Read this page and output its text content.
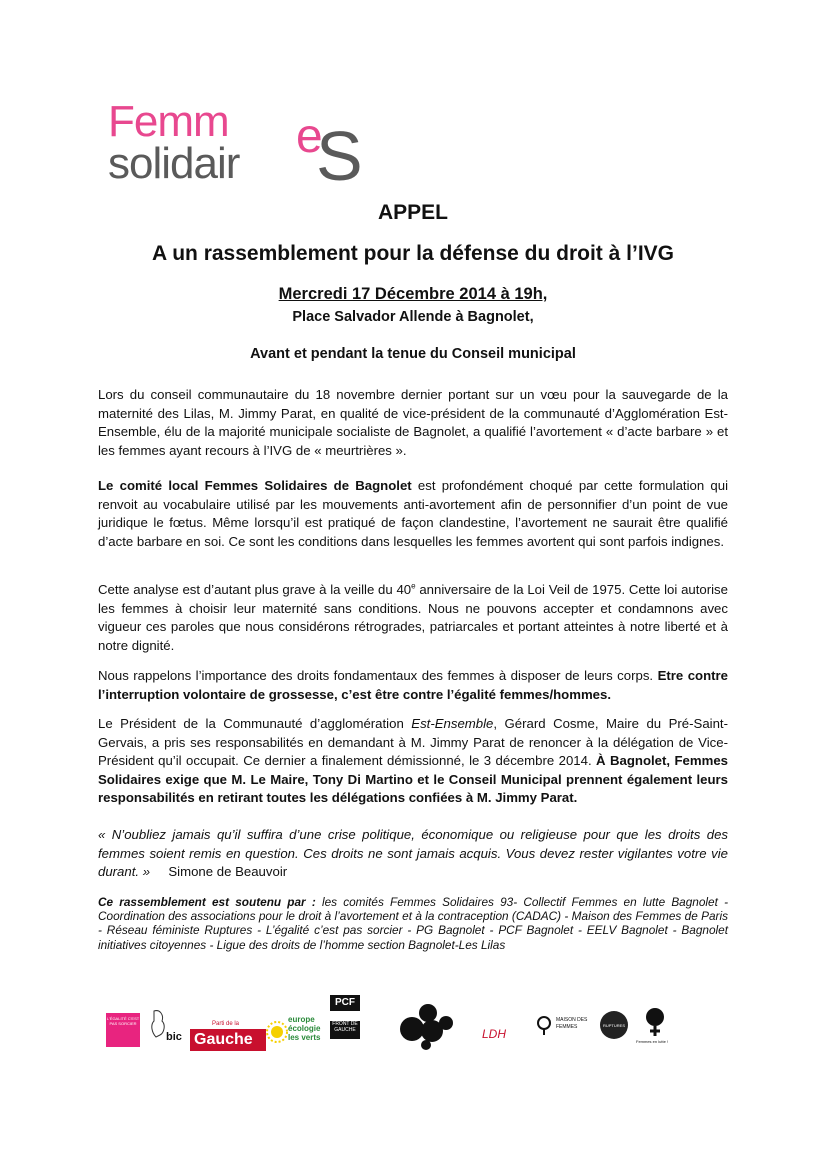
Femm
solidair
e
S
APPEL
A un rassemblement pour la défense du droit à l’IVG
Mercredi 17 Décembre 2014 à 19h,
Place Salvador Allende à Bagnolet,
Avant et pendant la tenue du Conseil municipal
Lors du conseil communautaire du 18 novembre dernier portant sur un vœu pour la sauvegarde de la maternité des Lilas, M. Jimmy Parat, en qualité de vice-président de la communauté d’Agglomération Est-Ensemble, élu de la majorité municipale socialiste de Bagnolet, a qualifié l’avortement « d’acte barbare » et les femmes ayant recours à l’IVG de « meurtrières ».
Le comité local Femmes Solidaires de Bagnolet est profondément choqué par cette formulation qui renvoit au vocabulaire utilisé par les mouvements anti-avortement afin de personnifier d’un point de vue juridique le fœtus. Même lorsqu’il est pratiqué de façon clandestine, l’avortement ne saurait être qualifié d’acte barbare en soi. Ce sont les conditions dans lesquelles les femmes avortent qui sont parfois indignes.
Cette analyse est d’autant plus grave à la veille du 40e anniversaire de la Loi Veil de 1975. Cette loi autorise les femmes à choisir leur maternité sans conditions. Nous ne pouvons accepter et condamnons avec vigueur ces paroles que nous considérons rétrogrades, patriarcales et portant atteintes à notre liberté et à notre dignité.
Nous rappelons l’importance des droits fondamentaux des femmes à disposer de leurs corps. Etre contre l’interruption volontaire de grossesse, c’est être contre l’égalité femmes/hommes.
Le Président de la Communauté d’agglomération Est-Ensemble, Gérard Cosme, Maire du Pré-Saint-Gervais, a pris ses responsabilités en demandant à M. Jimmy Parat de renoncer à la délégation de Vice-Président qu’il occupait. Ce dernier a finalement démissionné, le 3 décembre 2014. À Bagnolet, Femmes Solidaires exige que M. Le Maire, Tony Di Martino et le Conseil Municipal prennent également leurs responsabilités en retirant toutes les délégations confiées à M. Jimmy Parat.
« N’oubliez jamais qu’il suffira d’une crise politique, économique ou religieuse pour que les droits des femmes soient remis en question. Ces droits ne sont jamais acquis. Vous devez rester vigilantes votre vie durant. »     Simone de Beauvoir
Ce rassemblement est soutenu par : les comités Femmes Solidaires 93- Collectif Femmes en lutte Bagnolet - Coordination des associations pour le droit à l’avortement et à la contraception (CADAC) - Maison des Femmes de Paris - Réseau féministe Ruptures - L’égalité c’est pas sorcier - PG Bagnolet - PCF Bagnolet - EELV Bagnolet - Bagnolet initiatives citoyennes - Ligue des droits de l’homme section Bagnolet-Les Lilas
L'ÉGALITÉ C'EST PAS SORCIER
bic
Parti de la
Gauche
europe
écologie
les verts
PCF
FRONT DE GAUCHE	LDH
MAISON DES FEMMES	RUPTURES
Femmes en lutte !
